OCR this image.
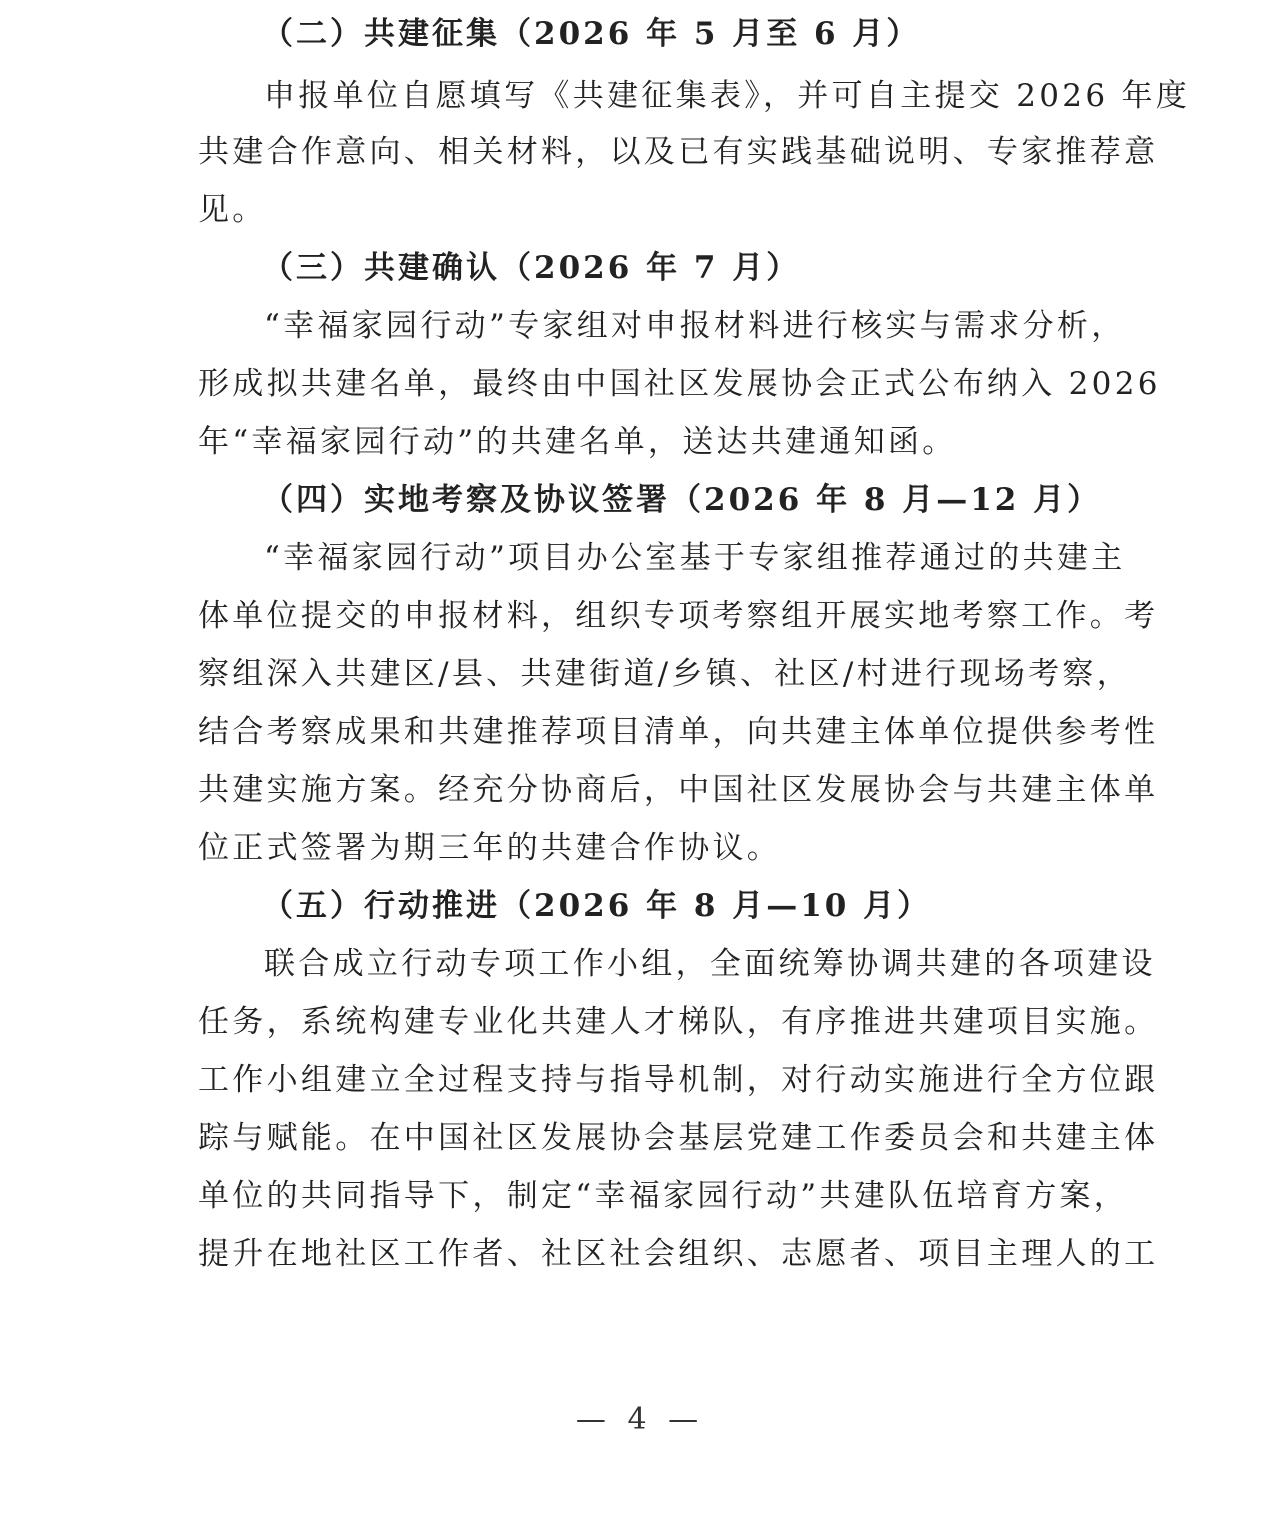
（二）共建征集（2026 年 5 月至 6 月）
申报单位自愿填写《共建征集表》，并可自主提交 2026 年度
共建合作意向、相关材料，以及已有实践基础说明、专家推荐意
见。
（三）共建确认（2026 年 7 月）
“幸福家园行动”专家组对申报材料进行核实与需求分析，
形成拟共建名单，最终由中国社区发展协会正式公布纳入 2026
年“幸福家园行动”的共建名单，送达共建通知函。
（四）实地考察及协议签署（2026 年 8 月—12 月）
“幸福家园行动”项目办公室基于专家组推荐通过的共建主
体单位提交的申报材料，组织专项考察组开展实地考察工作。考
察组深入共建区/县、共建街道/乡镇、社区/村进行现场考察，
结合考察成果和共建推荐项目清单，向共建主体单位提供参考性
共建实施方案。经充分协商后，中国社区发展协会与共建主体单
位正式签署为期三年的共建合作协议。
（五）行动推进（2026 年 8 月—10 月）
联合成立行动专项工作小组，全面统筹协调共建的各项建设
任务，系统构建专业化共建人才梯队，有序推进共建项目实施。
工作小组建立全过程支持与指导机制，对行动实施进行全方位跟
踪与赋能。在中国社区发展协会基层党建工作委员会和共建主体
单位的共同指导下，制定“幸福家园行动”共建队伍培育方案，
提升在地社区工作者、社区社会组织、志愿者、项目主理人的工
— 4 —
